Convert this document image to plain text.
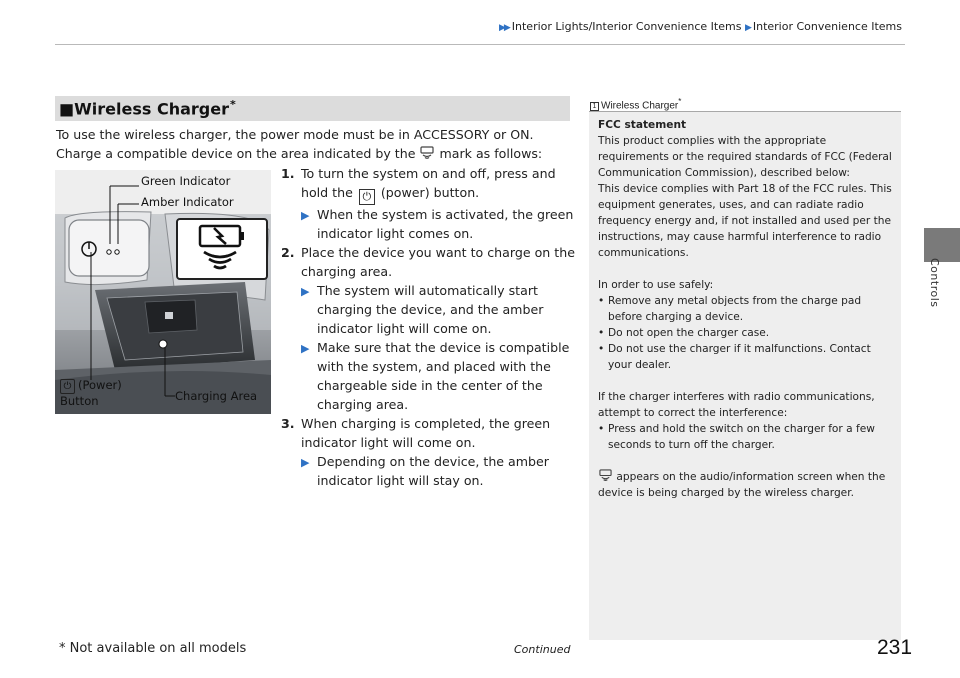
▶▶ Interior Lights/Interior Convenience Items ▶ Interior Convenience Items
Controls
■Wireless Charger*

To use the wireless charger, the power mode must be in ACCESSORY or ON.

Charge a compatible device on the area indicated by the mark as follows:

Green Indicator
Amber Indicator
⏻ (Power)
Button	Charging Area
1. To turn the system on and off, press and hold the ⏻ (power) button.
▶ When the system is activated, the green indicator light comes on.
2. Place the device you want to charge on the charging area.
▶ The system will automatically start charging the device, and the amber indicator light will come on.
▶ Make sure that the device is compatible with the system, and placed with the chargeable side in the center of the charging area.
3. When charging is completed, the green indicator light will come on.
▶ Depending on the device, the amber indicator light will stay on.
1 Wireless Charger*
FCC statement
This product complies with the appropriate requirements or the required standards of FCC (Federal Communication Commission), described below:
This device complies with Part 18 of the FCC rules. This equipment generates, uses, and can radiate radio frequency energy and, if not installed and used per the instructions, may cause harmful interference to radio communications.
In order to use safely:
• Remove any metal objects from the charge pad before charging a device.
• Do not open the charger case.
• Do not use the charger if it malfunctions. Contact your dealer.
If the charger interferes with radio communications, attempt to correct the interference:
• Press and hold the switch on the charger for a few seconds to turn off the charger.
appears on the audio/information screen when the device is being charged by the wireless charger.
* Not available on all models	Continued	231
